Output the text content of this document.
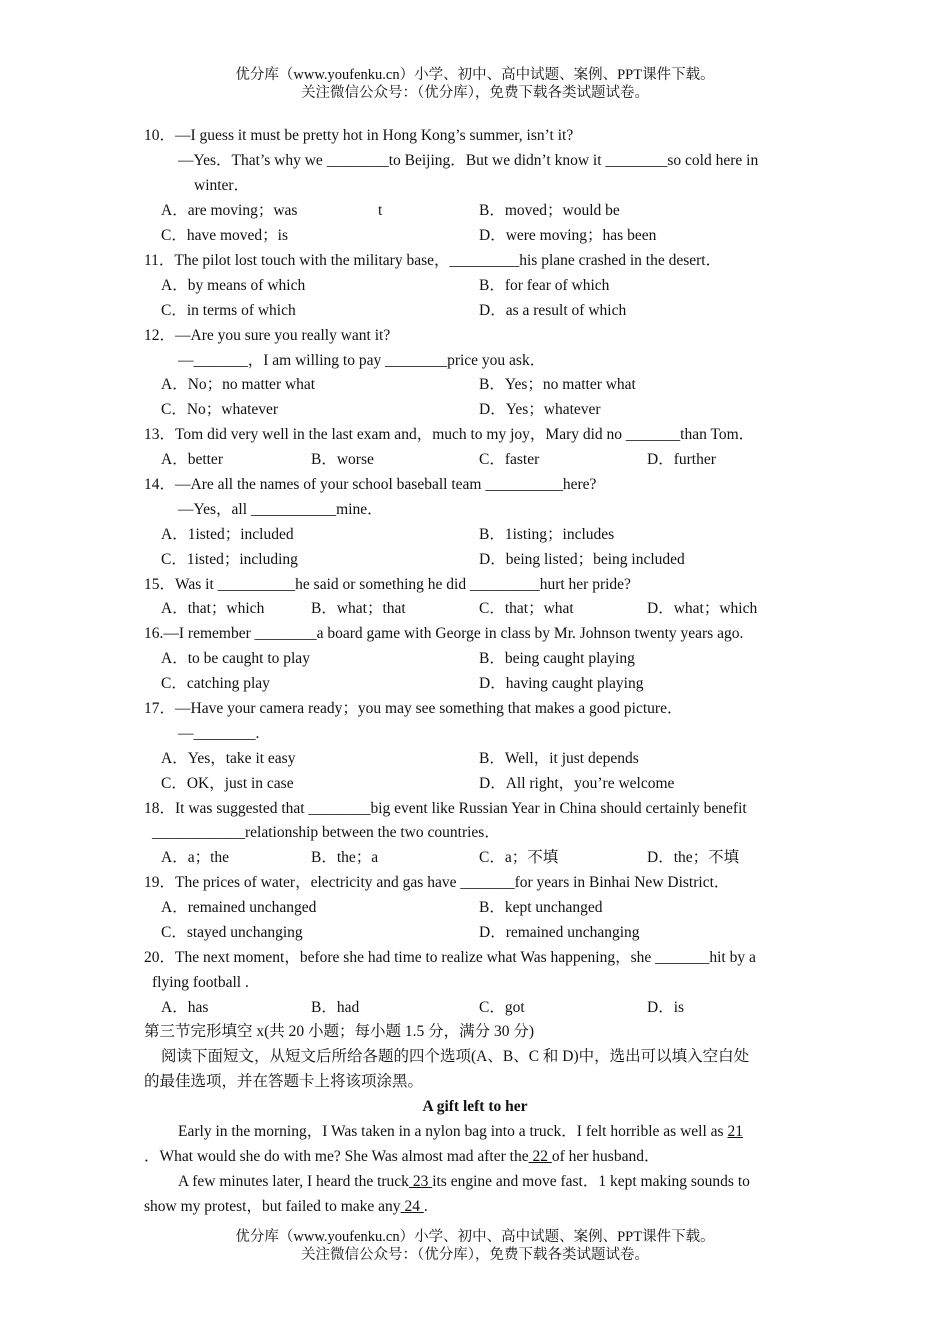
优分库（www.youfenku.cn）小学、初中、高中试题、案例、PPT课件下载。
关注微信公众号：（优分库），免费下载各类试题试卷。
10．—I guess it must be pretty hot in Hong Kong’s summer, isn’t it?
—Yes．That’s why we ________to Beijing．But we didn’t know it ________so cold here in
winter．
A．are moving；was	t	B．moved；would be
C．have moved；is	D．were moving；has been
11．The pilot lost touch with the military base，_________his plane crashed in the desert．
A．by means of which	B．for fear of which
C．in terms of which	D．as a result of which
12．—Are you sure you really want it?
—_______，I am willing to pay ________price you ask．
A．No；no matter what	B．Yes；no matter what
C．No；whatever	D．Yes；whatever
13．Tom did very well in the last exam and，much to my joy，Mary did no _______than Tom．
A．better	B．worse	C．faster	D．further
14．—Are all the names of your school baseball team __________here?
—Yes，all ___________mine．
A．1isted；included	B．1isting；includes
C．1isted；including	D．being listed；being included
15．Was it __________he said or something he did _________hurt her pride?
A．that；which	B．what；that	C．that；what	D．what；which
16.—I remember ________a board game with George in class by Mr. Johnson twenty years ago.
A．to be caught to play	B．being caught playing
C．catching play	D．having caught playing
17．—Have your camera ready；you may see something that makes a good picture．
—________.
A．Yes，take it easy	B．Well，it just depends
C．OK，just in case	D．All right，you’re welcome
18．It was suggested that ________big event like Russian Year in China should certainly benefit
____________relationship between the two countries．
A．a；the	B．the；a	C．a；不填	D．the；不填
19．The prices of water，electricity and gas have _______for years in Binhai New District．
A．remained unchanged	B．kept unchanged
C．stayed unchanging	D．remained unchanging
20．The next moment，before she had time to realize what Was happening，she _______hit by a
flying football .
A．has	B．had	C．got	D．is
第三节完形填空 x(共 20 小题；每小题 1.5 分，满分 30 分)
阅读下面短文，从短文后所给各题的四个选项(A、B、C 和 D)中，选出可以填入空白处
的最佳选项，并在答题卡上将该项涂黑。
A gift left to her
Early in the morning，I Was taken in a nylon bag into a truck．I felt horrible as well as 21
．What would she do with me? She Was almost mad after the 22 of her husband．
A few minutes later, I heard the truck 23 its engine and move fast．1 kept making sounds to
show my protest，but failed to make any 24 .
优分库（www.youfenku.cn）小学、初中、高中试题、案例、PPT课件下载。
关注微信公众号：（优分库），免费下载各类试题试卷。
